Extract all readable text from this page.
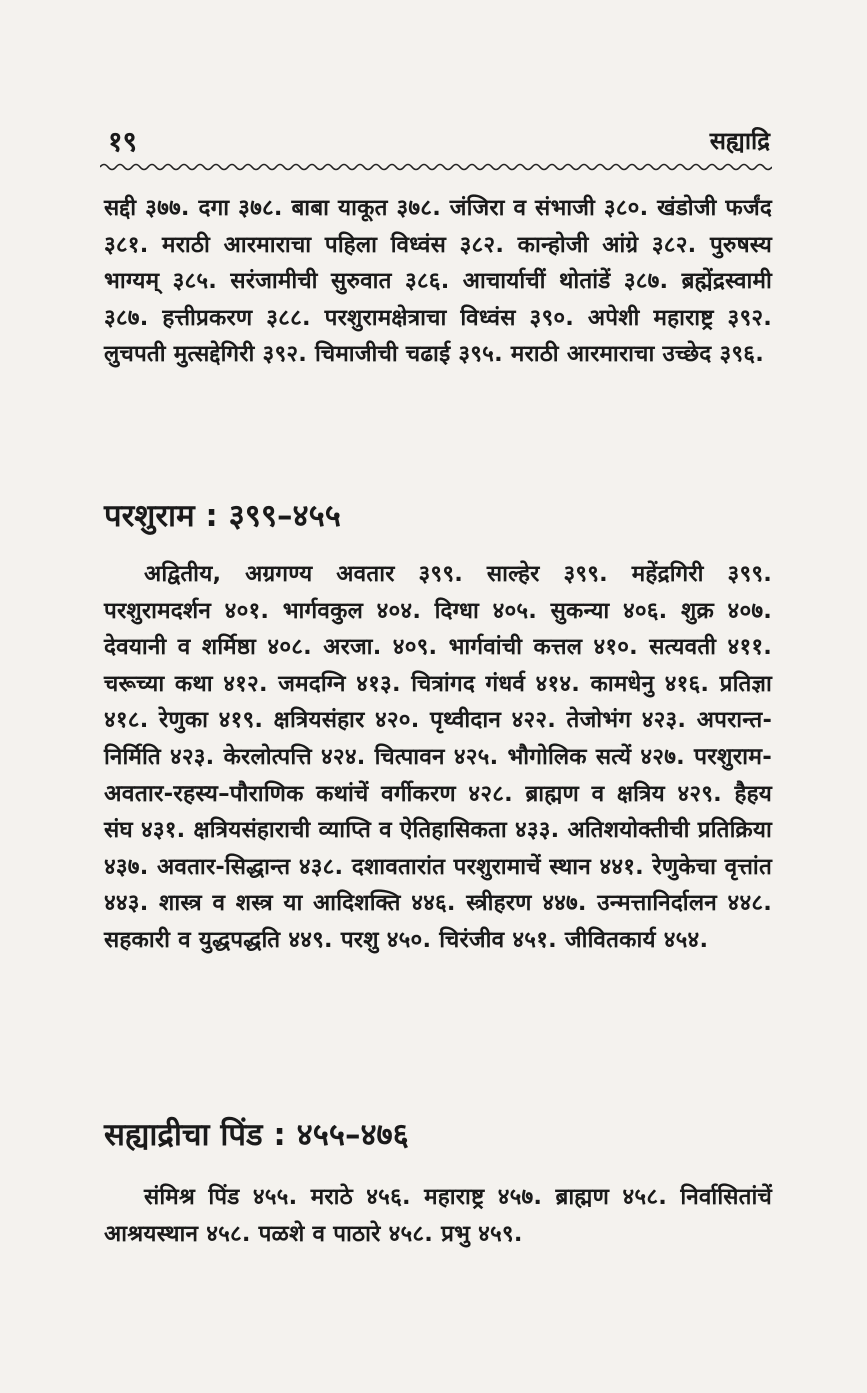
१९	सह्याद्रि

सद्दी ३७७. दगा ३७८. बाबा याकूत ३७८. जंजिरा व संभाजी ३८०. खंडोजी फर्जंद ३८१. मराठी आरमाराचा पहिला विध्वंस ३८२. कान्होजी आंग्रे ३८२. पुरुषस्य भाग्यम् ३८५. सरंजामीची सुरुवात ३८६. आचार्याचीं थोतांडें ३८७. ब्रह्मेंद्रस्वामी ३८७. हत्तीप्रकरण ३८८. परशुरामक्षेत्राचा विध्वंस ३९०. अपेशी महाराष्ट्र ३९२. लुचपती मुत्सद्देगिरी ३९२. चिमाजीची चढाई ३९५. मराठी आरमाराचा उच्छेद ३९६.

परशुराम : ३९९–४५५

अद्वितीय, अग्रगण्य अवतार ३९९. साल्हेर ३९९. महेंद्रगिरी ३९९. परशुरामदर्शन ४०१. भार्गवकुल ४०४. दिग्धा ४०५. सुकन्या ४०६. शुक्र ४०७. देवयानी व शर्मिष्ठा ४०८. अरजा. ४०९. भार्गवांची कत्तल ४१०. सत्यवती ४११. चरूच्या कथा ४१२. जमदग्नि ४१३. चित्रांगद गंधर्व ४१४. कामधेनु ४१६. प्रतिज्ञा ४१८. रेणुका ४१९. क्षत्रियसंहार ४२०. पृथ्वीदान ४२२. तेजोभंग ४२३. अपरान्त-निर्मिति ४२३. केरलोत्पत्ति ४२४. चित्पावन ४२५. भौगोलिक सत्यें ४२७. परशुराम-अवतार-रहस्य–पौराणिक कथांचें वर्गीकरण ४२८. ब्राह्मण व क्षत्रिय ४२९. हैहय संघ ४३१. क्षत्रियसंहाराची व्याप्ति व ऐतिहासिकता ४३३. अतिशयोक्तीची प्रतिक्रिया ४३७. अवतार-सिद्धान्त ४३८. दशावतारांत परशुरामाचें स्थान ४४१. रेणुकेचा वृत्तांत ४४३. शास्त्र व शस्त्र या आदिशक्ति ४४६. स्त्रीहरण ४४७. उन्मत्तानिर्दालन ४४८. सहकारी व युद्धपद्धति ४४९. परशु ४५०. चिरंजीव ४५१. जीवितकार्य ४५४.

सह्याद्रीचा पिंड : ४५५–४७६

संमिश्र पिंड ४५५. मराठे ४५६. महाराष्ट्र ४५७. ब्राह्मण ४५८. निर्वासितांचें आश्रयस्थान ४५८. पळशे व पाठारे ४५८. प्रभु ४५९.
